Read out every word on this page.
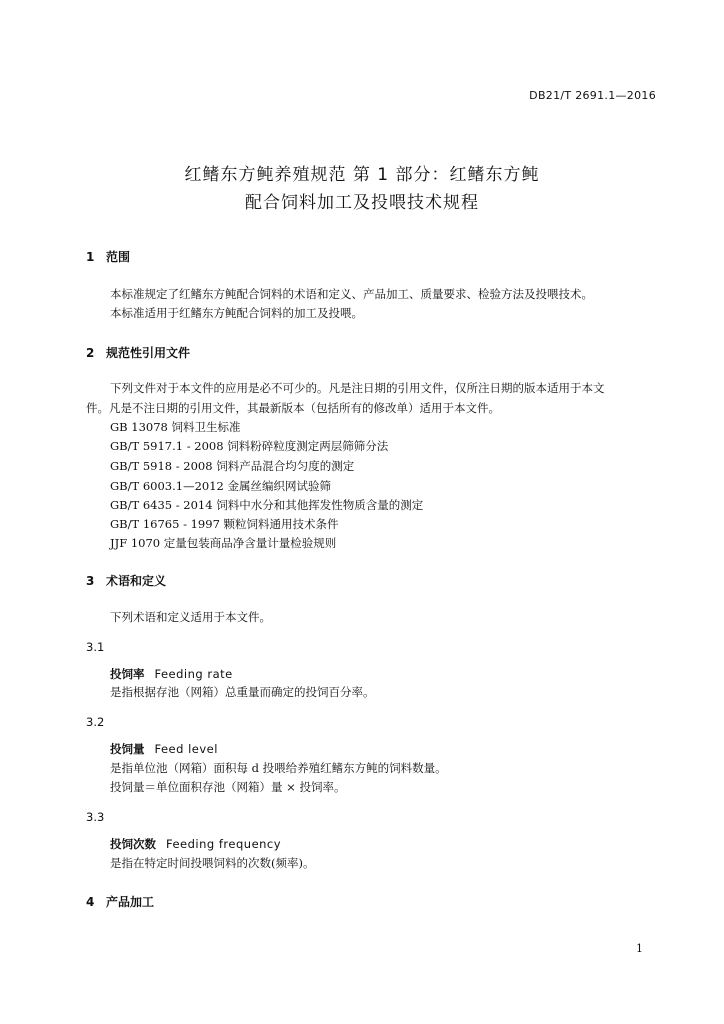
DB21/T 2691.1—2016
红鳍东方鲀养殖规范 第 1 部分：红鳍东方鲀
配合饲料加工及投喂技术规程
1 范围
本标准规定了红鳍东方鲀配合饲料的术语和定义、产品加工、质量要求、检验方法及投喂技术。
本标准适用于红鳍东方鲀配合饲料的加工及投喂。
2 规范性引用文件
下列文件对于本文件的应用是必不可少的。凡是注日期的引用文件，仅所注日期的版本适用于本文
件。凡是不注日期的引用文件，其最新版本（包括所有的修改单）适用于本文件。
GB 13078 饲料卫生标准
GB/T 5917.1 - 2008 饲料粉碎粒度测定两层筛筛分法
GB/T 5918 - 2008 饲料产品混合均匀度的测定
GB/T 6003.1—2012 金属丝编织网试验筛
GB/T 6435 - 2014 饲料中水分和其他挥发性物质含量的测定
GB/T 16765 - 1997 颗粒饲料通用技术条件
JJF 1070 定量包装商品净含量计量检验规则
3 术语和定义
下列术语和定义适用于本文件。
3.1
投饲率 Feeding rate
是指根据存池（网箱）总重量而确定的投饲百分率。
3.2
投饲量 Feed level
是指单位池（网箱）面积每 d 投喂给养殖红鳍东方鲀的饲料数量。
投饲量＝单位面积存池（网箱）量 × 投饲率。
3.3
投饲次数 Feeding frequency
是指在特定时间投喂饲料的次数(频率)。
4 产品加工
1
